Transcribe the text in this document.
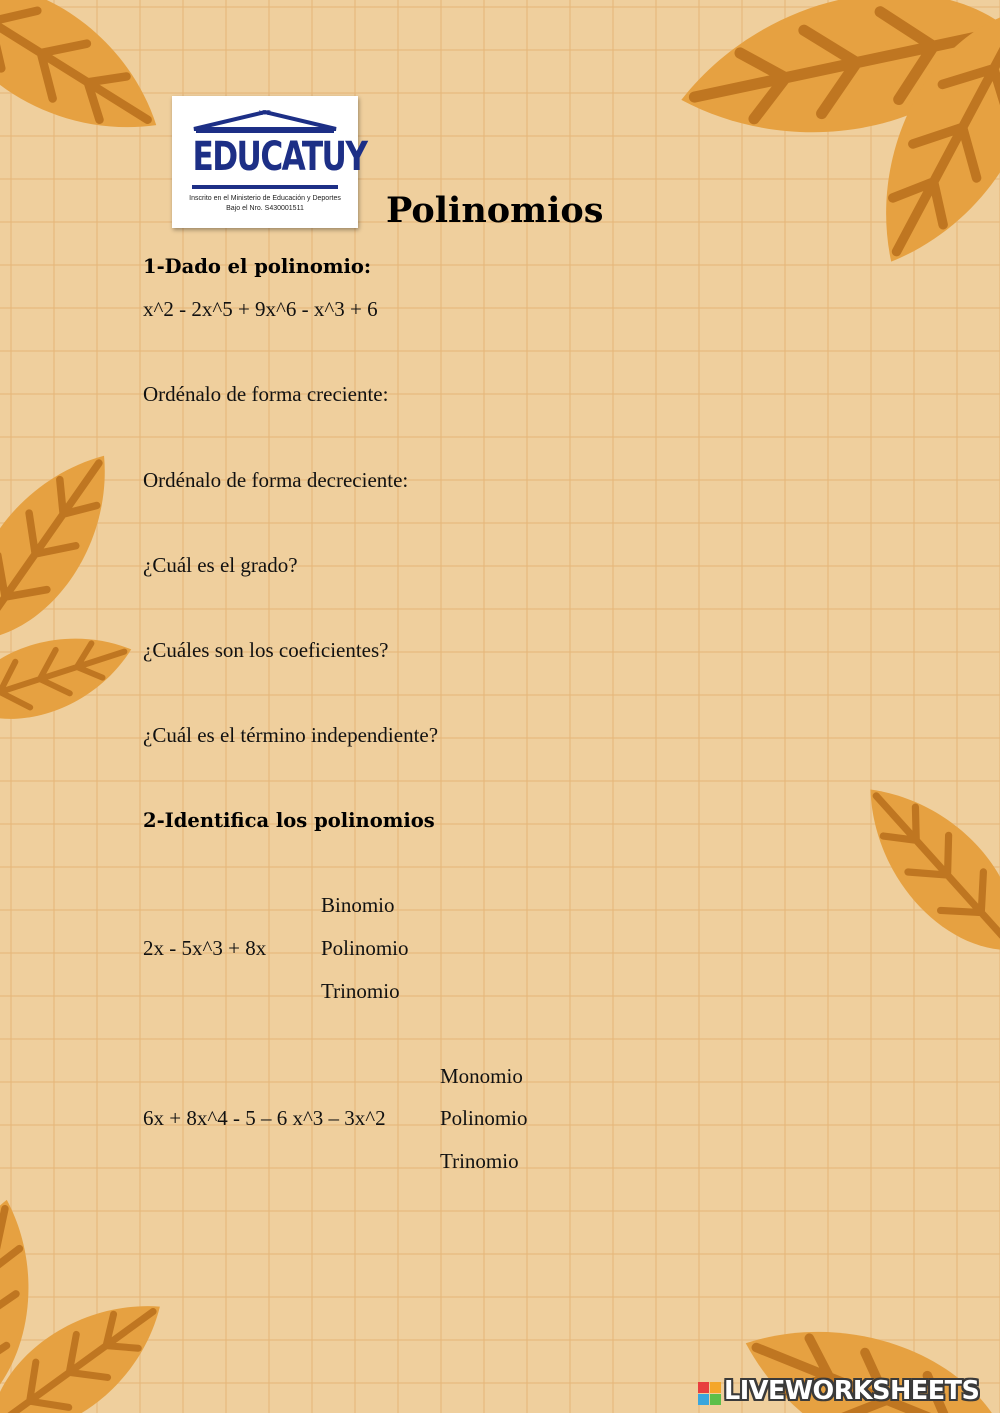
U.C
EDUCATUY
Inscrito en el Ministerio de Educación y Deportes
Bajo el Nro. S430001511	Polinomios
1-Dado el polinomio:
x^2 - 2x^5 + 9x^6 - x^3 + 6
Ordénalo de forma creciente:
Ordénalo de forma decreciente:
¿Cuál es el grado?
¿Cuáles son los coeficientes?
¿Cuál es el término independiente?
2-Identifica los polinomios
2x - 5x^3 + 8x
Binomio
Polinomio
Trinomio
6x + 8x^4 - 5 – 6 x^3 – 3x^2
Monomio
Polinomio
Trinomio
LIVEWORKSHEETS
